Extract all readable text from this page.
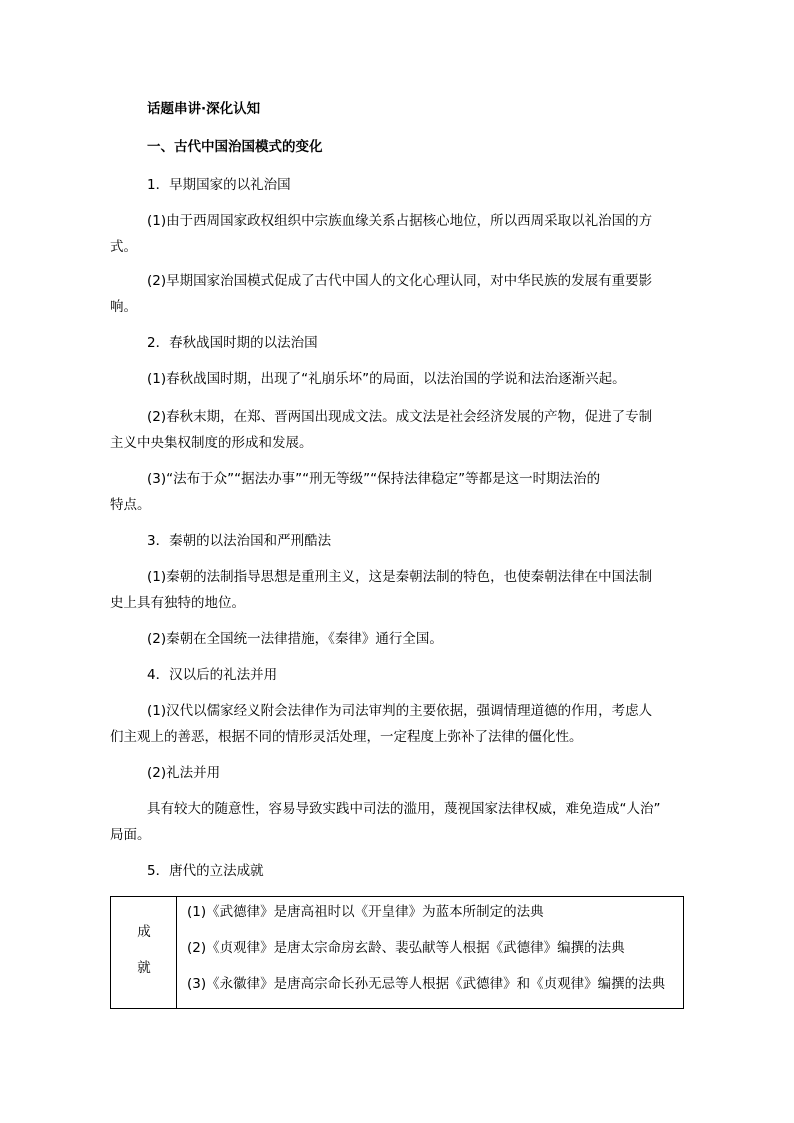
话题串讲·深化认知
一、古代中国治国模式的变化
1．早期国家的以礼治国
(1)由于西周国家政权组织中宗族血缘关系占据核心地位，所以西周采取以礼治国的方
式。
(2)早期国家治国模式促成了古代中国人的文化心理认同，对中华民族的发展有重要影
响。
2．春秋战国时期的以法治国
(1)春秋战国时期，出现了“礼崩乐坏”的局面，以法治国的学说和法治逐渐兴起。
(2)春秋末期，在郑、晋两国出现成文法。成文法是社会经济发展的产物，促进了专制
主义中央集权制度的形成和发展。
(3)“法布于众”“据法办事”“刑无等级”“保持法律稳定”等都是这一时期法治的
特点。
3．秦朝的以法治国和严刑酷法
(1)秦朝的法制指导思想是重刑主义，这是秦朝法制的特色，也使秦朝法律在中国法制
史上具有独特的地位。
(2)秦朝在全国统一法律措施，《秦律》通行全国。
4．汉以后的礼法并用
(1)汉代以儒家经义附会法律作为司法审判的主要依据，强调情理道德的作用，考虑人
们主观上的善恶，根据不同的情形灵活处理，一定程度上弥补了法律的僵化性。
(2)礼法并用
具有较大的随意性，容易导致实践中司法的滥用，蔑视国家法律权威，难免造成“人治”
局面。
5．唐代的立法成就
成
就
(1)《武德律》是唐高祖时以《开皇律》为蓝本所制定的法典
(2)《贞观律》是唐太宗命房玄龄、裴弘献等人根据《武德律》编撰的法典
(3)《永徽律》是唐高宗命长孙无忌等人根据《武德律》和《贞观律》编撰的法典
